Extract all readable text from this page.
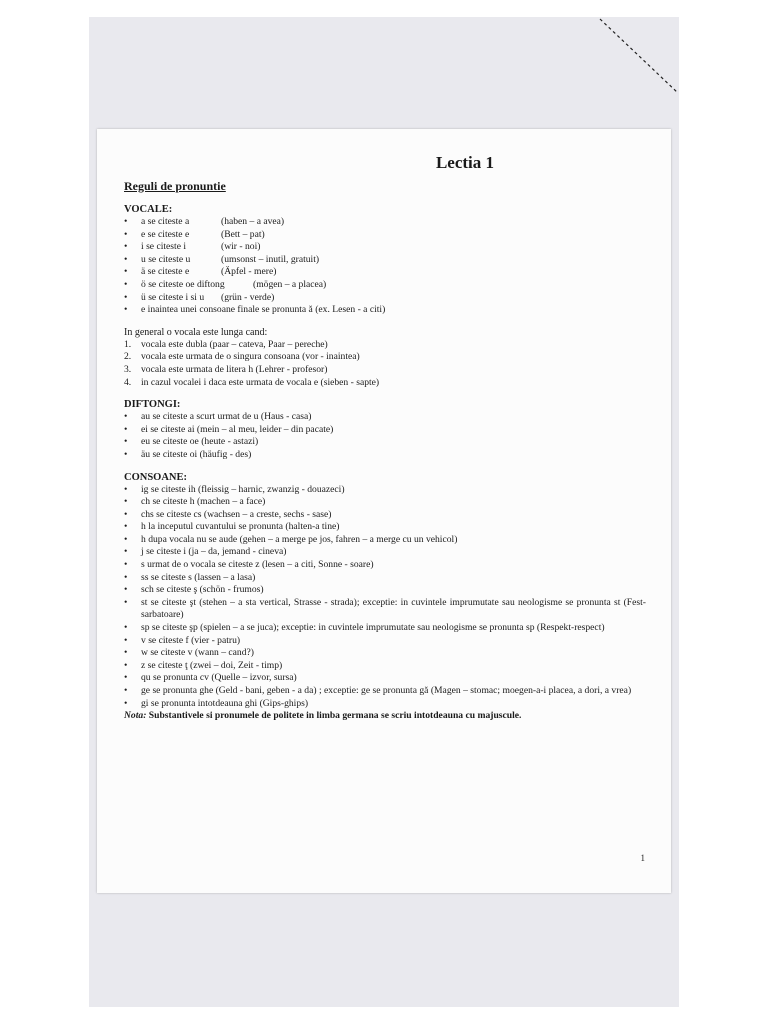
Lectia 1
Reguli de pronuntie
VOCALE:
• a se citeste a	(haben – a avea)
• e se citeste e	(Bett – pat)
• i se citeste i	(wir - noi)
• u se citeste u	(umsonst – inutil, gratuit)
• ä se citeste e	(Äpfel - mere)
• ö se citeste oe diftong	(mögen – a placea)
• ü se citeste i si u (grün - verde)
• e inaintea unei consoane finale se pronunta ă (ex. Lesen - a citi)
In general o vocala este lunga cand:
1. vocala este dubla (paar – cateva, Paar – pereche)
2. vocala este urmata de o singura consoana (vor - inaintea)
3. vocala este urmata de litera h (Lehrer - profesor)
4. in cazul vocalei i daca este urmata de vocala e (sieben - sapte)
DIFTONGI:
• au se citeste a scurt urmat de u (Haus - casa)
• ei se citeste ai (mein – al meu, leider – din pacate)
• eu se citeste oe (heute - astazi)
• äu se citeste oi (häufig - des)
CONSOANE:
• ig se citeste ih (fleissig – harnic, zwanzig - douazeci)
• ch se citeste h (machen – a face)
• chs se citeste cs (wachsen – a creste, sechs - sase)
• h la inceputul cuvantului se pronunta (halten-a tine)
• h dupa vocala nu se aude (gehen – a merge pe jos, fahren – a merge cu un vehicol)
• j se citeste i (ja – da, jemand - cineva)
• s urmat de o vocala se citeste z (lesen – a citi, Sonne - soare)
• ss se citeste s (lassen – a lasa)
• sch se citeste ş (schön - frumos)
• st se citeste şt (stehen – a sta vertical, Strasse - strada); exceptie: in cuvintele imprumutate sau neologisme se pronunta st (Fest- sarbatoare)
• sp se citeste şp (spielen – a se juca); exceptie: in cuvintele imprumutate sau neologisme se pronunta sp (Respekt-respect)
• v se citeste f (vier - patru)
• w se citeste v (wann – cand?)
• z se citeste ţ (zwei – doi, Zeit - timp)
• qu se pronunta cv (Quelle – izvor, sursa)
• ge se pronunta ghe (Geld - bani, geben - a da) ; exceptie: ge se pronunta gă (Magen – stomac; moegen-a-i placea, a dori, a vrea)
• gi se pronunta intotdeauna ghi (Gips-ghips)
Nota: Substantivele si pronumele de politete in limba germana se scriu intotdeauna cu majuscule.
1
